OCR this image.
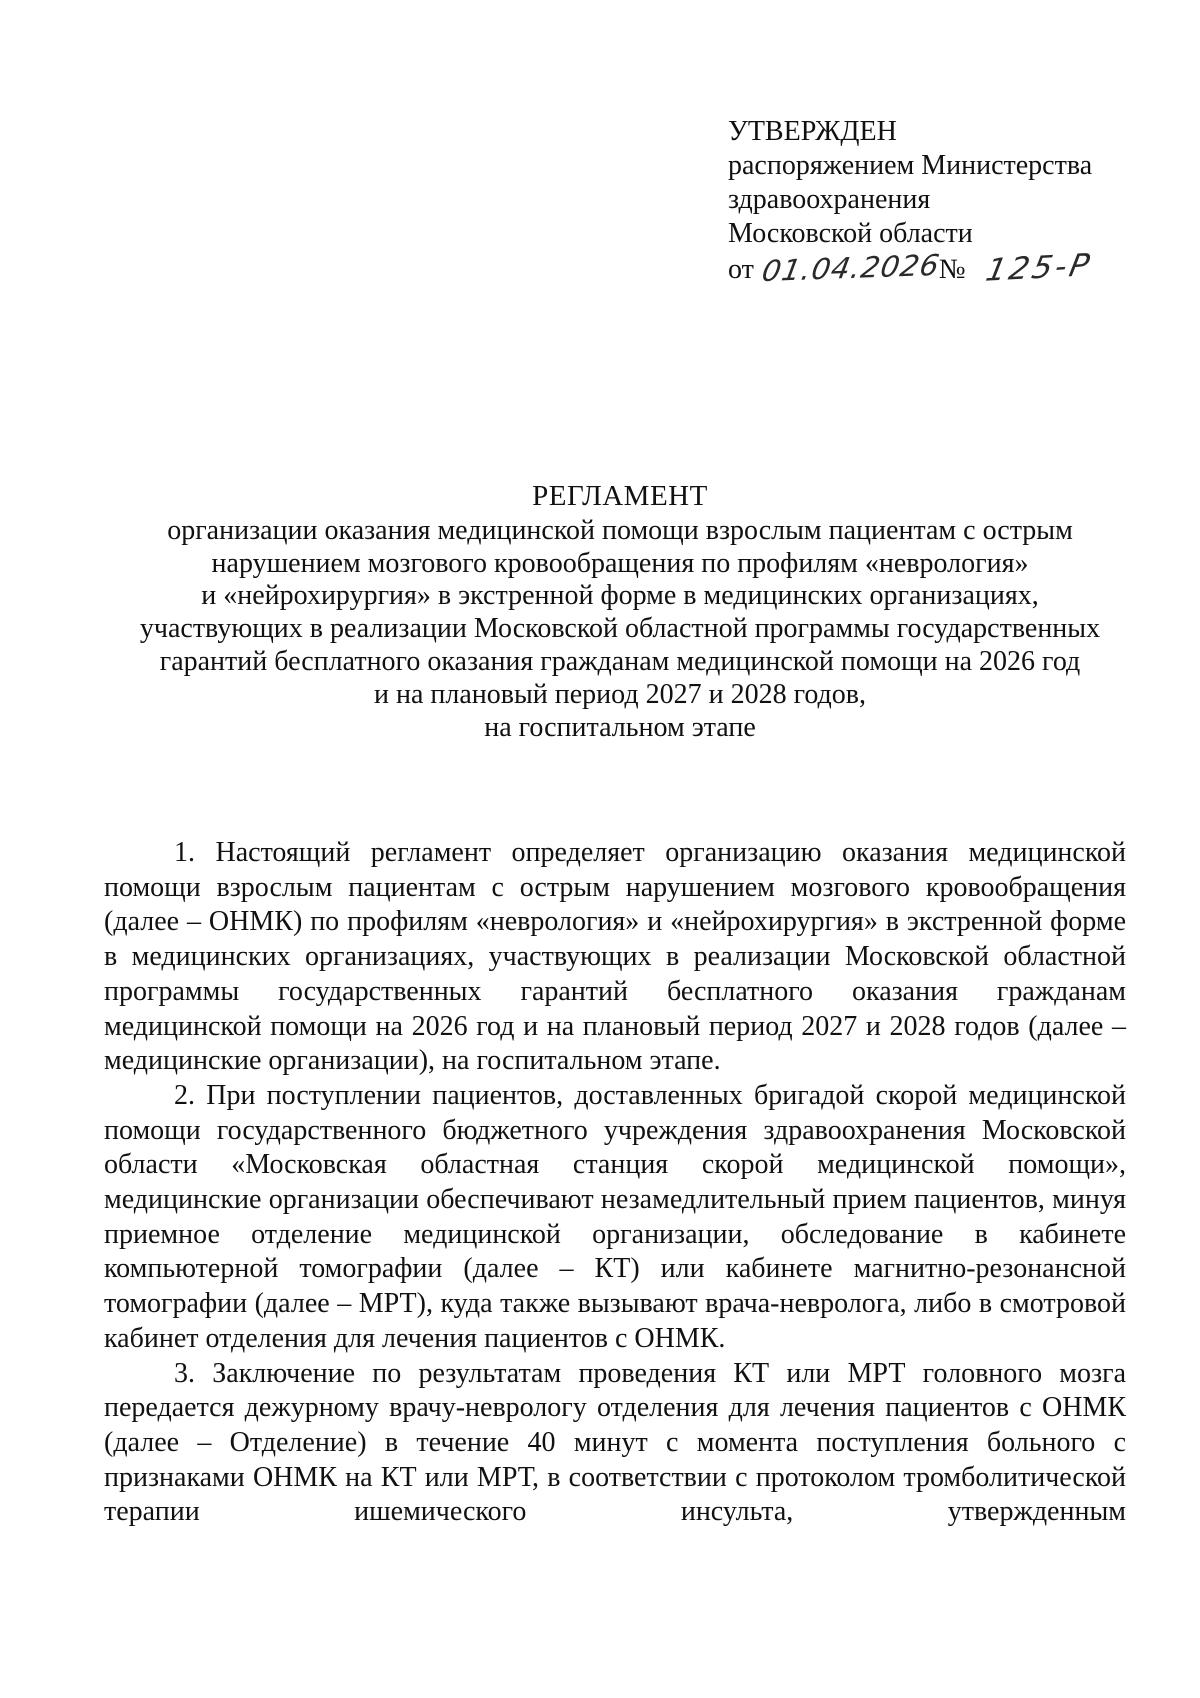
УТВЕРЖДЕН
распоряжением Министерства
здравоохранения
Московской области
от 01.04.2026№ 125-Р
РЕГЛАМЕНТ
организации оказания медицинской помощи взрослым пациентам с острым
нарушением мозгового кровообращения по профилям «неврология»
и «нейрохирургия» в экстренной форме в медицинских организациях,
участвующих в реализации Московской областной программы государственных
гарантий бесплатного оказания гражданам медицинской помощи на 2026 год
и на плановый период 2027 и 2028 годов,
на госпитальном этапе

1. Настоящий регламент определяет организацию оказания медицинской помощи взрослым пациентам с острым нарушением мозгового кровообращения (далее – ОНМК) по профилям «неврология» и «нейрохирургия» в экстренной форме в медицинских организациях, участвующих в реализации Московской областной программы государственных гарантий бесплатного оказания гражданам медицинской помощи на 2026 год и на плановый период 2027 и 2028 годов (далее – медицинские организации), на госпитальном этапе.

2. При поступлении пациентов, доставленных бригадой скорой медицинской помощи государственного бюджетного учреждения здравоохранения Московской области «Московская областная станция скорой медицинской помощи», медицинские организации обеспечивают незамедлительный прием пациентов, минуя приемное отделение медицинской организации, обследование в кабинете компьютерной томографии (далее – КТ) или кабинете магнитно-резонансной томографии (далее – МРТ), куда также вызывают врача-невролога, либо в смотровой кабинет отделения для лечения пациентов с ОНМК.

3. Заключение по результатам проведения КТ или МРТ головного мозга передается дежурному врачу-неврологу отделения для лечения пациентов с ОНМК (далее – Отделение) в течение 40 минут с момента поступления больного с признаками ОНМК на КТ или МРТ, в соответствии с протоколом тромболитической терапии ишемического инсульта, утвержденным
